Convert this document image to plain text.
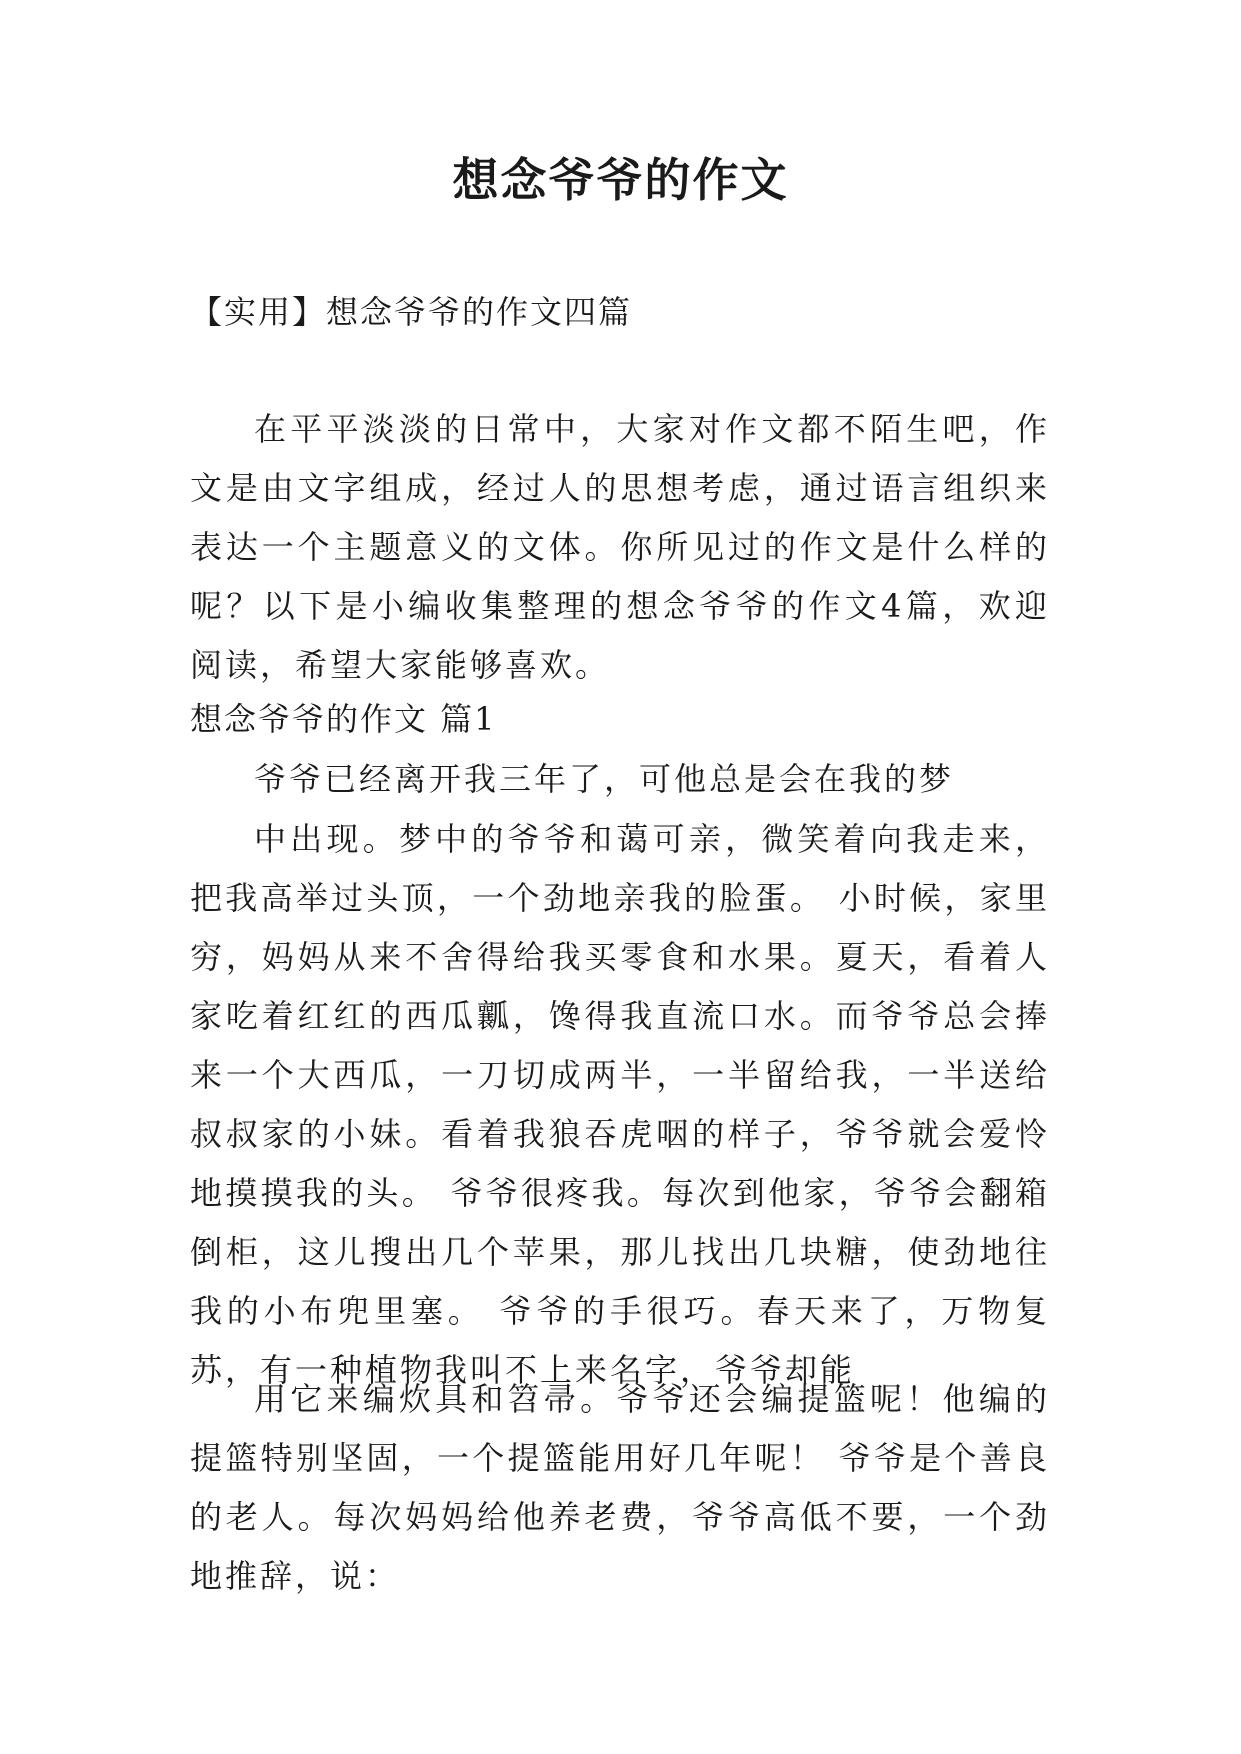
想念爷爷的作文

【实用】想念爷爷的作文四篇

在平平淡淡的日常中，大家对作文都不陌生吧，作文是由文字组成，经过人的思想考虑，通过语言组织来表达一个主题意义的文体。你所见过的作文是什么样的呢？以下是小编收集整理的想念爷爷的作文4篇，欢迎阅读，希望大家能够喜欢。

想念爷爷的作文 篇1

爷爷已经离开我三年了，可他总是会在我的梦

中出现。梦中的爷爷和蔼可亲，微笑着向我走来，把我高举过头顶，一个劲地亲我的脸蛋。 小时候，家里穷，妈妈从来不舍得给我买零食和水果。夏天，看着人家吃着红红的西瓜瓤，馋得我直流口水。而爷爷总会捧来一个大西瓜，一刀切成两半，一半留给我，一半送给叔叔家的小妹。看着我狼吞虎咽的样子，爷爷就会爱怜地摸摸我的头。 爷爷很疼我。每次到他家，爷爷会翻箱倒柜，这儿搜出几个苹果，那儿找出几块糖，使劲地往我的小布兜里塞。 爷爷的手很巧。春天来了，万物复苏，有一种植物我叫不上来名字，爷爷却能

用它来编炊具和笤帚。爷爷还会编提篮呢！他编的提篮特别坚固，一个提篮能用好几年呢！ 爷爷是个善良的老人。每次妈妈给他养老费，爷爷高低不要，一个劲地推辞，说：
